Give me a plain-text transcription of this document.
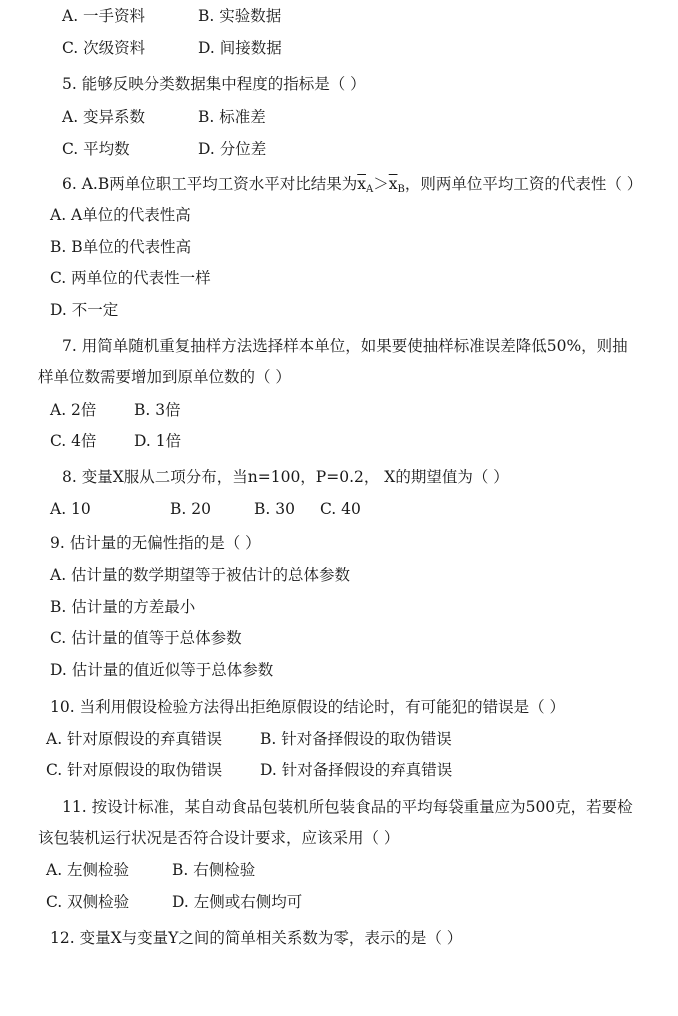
A. 一手资料	B. 实验数据
C. 次级资料	D. 间接数据
5. 能够反映分类数据集中程度的指标是（ ）
A. 变异系数	B. 标准差
C. 平均数	D. 分位差
6. A.B两单位职工平均工资水平对比结果为$\overline{x}_A>\overline{x}_B$，则两单位平均工资的代表性（ ）
A. A单位的代表性高
B. B单位的代表性高
C. 两单位的代表性一样
D. 不一定
7. 用简单随机重复抽样方法选择样本单位，如果要使抽样标准误差降低50%，则抽
样单位数需要增加到原单位数的（ ）
A. 2倍 B. 3倍
C. 4倍 D. 1倍
8. 变量X服从二项分布，当n=100，P=0.2， X的期望值为（ ）
A. 10	B. 20	B. 30 C. 40
9. 估计量的无偏性指的是（ ）
A. 估计量的数学期望等于被估计的总体参数
B. 估计量的方差最小
C. 估计量的值等于总体参数
D. 估计量的值近似等于总体参数
10. 当利用假设检验方法得出拒绝原假设的结论时，有可能犯的错误是（ ）
A. 针对原假设的弃真错误 B. 针对备择假设的取伪错误
C. 针对原假设的取伪错误 D. 针对备择假设的弃真错误
11. 按设计标准，某自动食品包装机所包装食品的平均每袋重量应为500克，若要检
该包装机运行状况是否符合设计要求，应该采用（ ）
A. 左侧检验	B. 右侧检验
C. 双侧检验	D. 左侧或右侧均可
12. 变量X与变量Y之间的简单相关系数为零，表示的是（ ）
